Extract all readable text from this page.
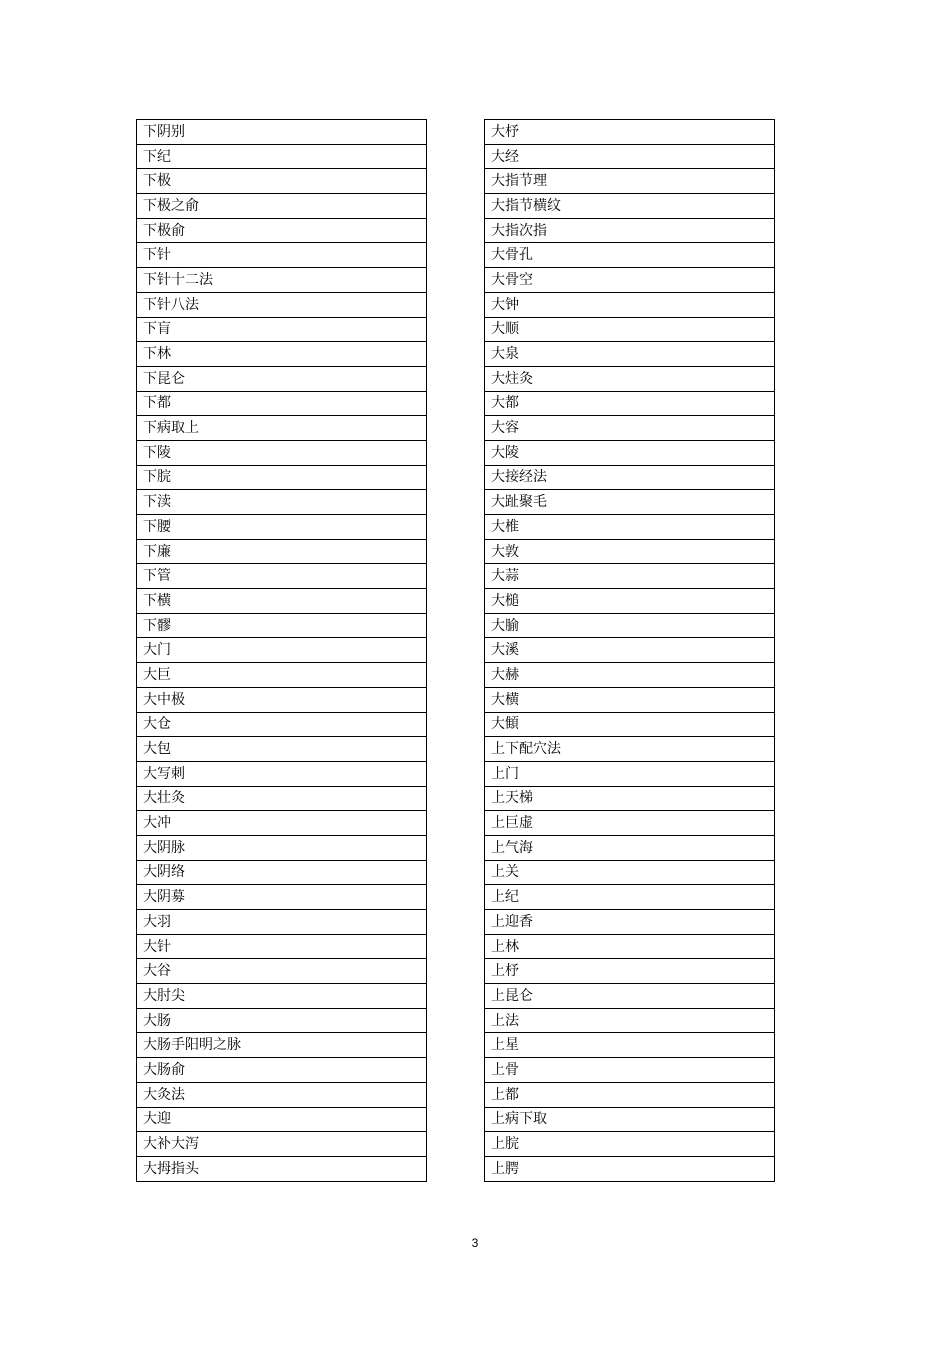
下阴别
下纪
下极
下极之俞
下极俞
下针
下针十二法
下针八法
下肓
下林
下昆仑
下都
下病取上
下陵
下脘
下渎
下腰
下廉
下管
下横
下髎
大门
大巨
大中极
大仓
大包
大写刺
大壮灸
大冲
大阴脉
大阴络
大阴募
大羽
大针
大谷
大肘尖
大肠
大肠手阳明之脉
大肠俞
大灸法
大迎
大补大泻
大拇指头
大杼
大经
大指节理
大指节横纹
大指次指
大骨孔
大骨空
大钟
大顺
大泉
大炷灸
大都
大容
大陵
大接经法
大趾聚毛
大椎
大敦
大蒜
大槌
大腧
大溪
大赫
大横
大顀
上下配穴法
上门
上天梯
上巨虚
上气海
上关
上纪
上迎香
上林
上杼
上昆仑
上法
上星
上骨
上都
上病下取
上脘
上腭
3
